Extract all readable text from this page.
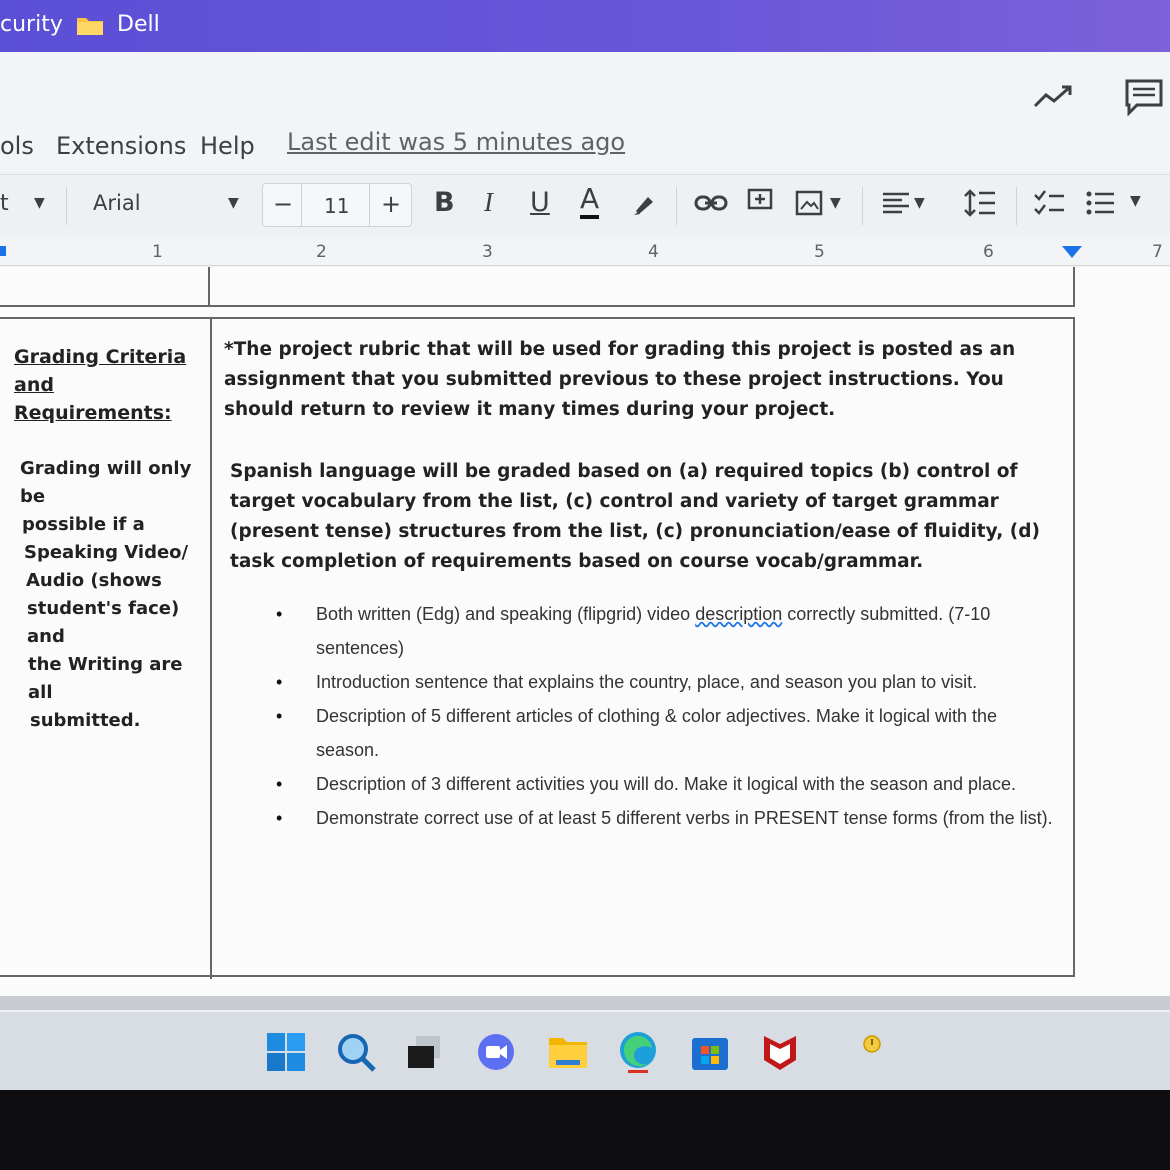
curity Dell
ols Extensions Help Last edit was 5 minutes ago
t ▼ Arial	▼ − 11 + B I U A	▼	▼	▼
1	2	3	4	5	6	7
Grading Criteria and
Requirements:
Grading will only be
possible if a
Speaking Video/
Audio (shows
student's face) and
the Writing are all
submitted.

*The project rubric that will be used for grading this project is posted as an assignment that you submitted previous to these project instructions. You should return to review it many times during your project.

Spanish language will be graded based on (a) required topics (b) control of target vocabulary from the list, (c) control and variety of target grammar (present tense) structures from the list, (c) pronunciation/ease of fluidity, (d) task completion of requirements based on course vocab/grammar.

• Both written (Edg) and speaking (flipgrid) video description correctly submitted. (7-10 sentences)
• Introduction sentence that explains the country, place, and season you plan to visit.
• Description of 5 different articles of clothing & color adjectives. Make it logical with the season.
• Description of 3 different activities you will do. Make it logical with the season and place.
• Demonstrate correct use of at least 5 different verbs in PRESENT tense forms (from the list).
